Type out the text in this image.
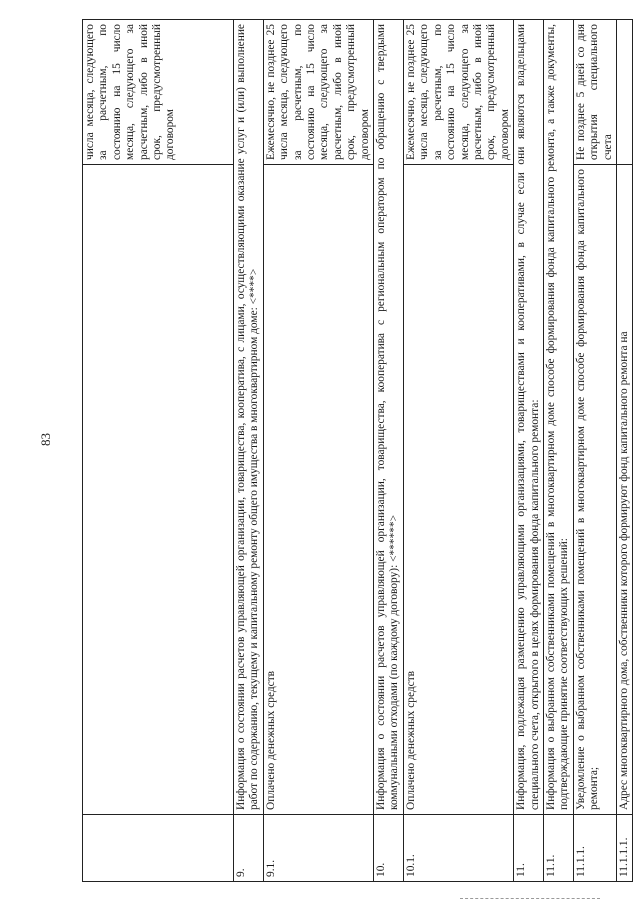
83
		числа месяца, следующего за расчетным, по состоянию на 15 число месяца, следующего за расчетным, либо в иной срок, предусмотренный договором
9.	Информация о состоянии расчетов управляющей организации, товарищества, кооператива, с лицами, осуществляющими оказание услуг и (или) выполнение работ по содержанию, текущему и капитальному ремонту общего имущества в многоквартирном доме: <****>	
9.1.	Оплачено денежных средств	Ежемесячно, не позднее 25 числа месяца, следующего за расчетным, по состоянию на 15 число месяца, следующего за расчетным, либо в иной срок, предусмотренный договором
10.	Информация о состоянии расчетов управляющей организации, товарищества, кооператива с региональным оператором по обращению с твердыми коммунальными отходами (по каждому договору): <******>	
10.1.	Оплачено денежных средств	Ежемесячно, не позднее 25 числа месяца, следующего за расчетным, по состоянию на 15 число месяца, следующего за расчетным, либо в иной срок, предусмотренный договором
11.	Информация, подлежащая размещению управляющими организациями, товариществами и кооперативами, в случае если они являются владельцами специального счета, открытого в целях формирования фонда капитального ремонта:	
11.1.	Информация о выбранном собственниками помещений в многоквартирном доме способе формирования фонда капитального ремонта, а также документы, подтверждающие принятие соответствующих решений:	
11.1.1.	Уведомление о выбранном собственниками помещений в многоквартирном доме способе формирования фонда капитального ремонта;	Не позднее 5 дней со дня открытия специального счета
11.1.1.1.	Адрес многоквартирного дома, собственники которого формируют фонд капитального ремонта на	
